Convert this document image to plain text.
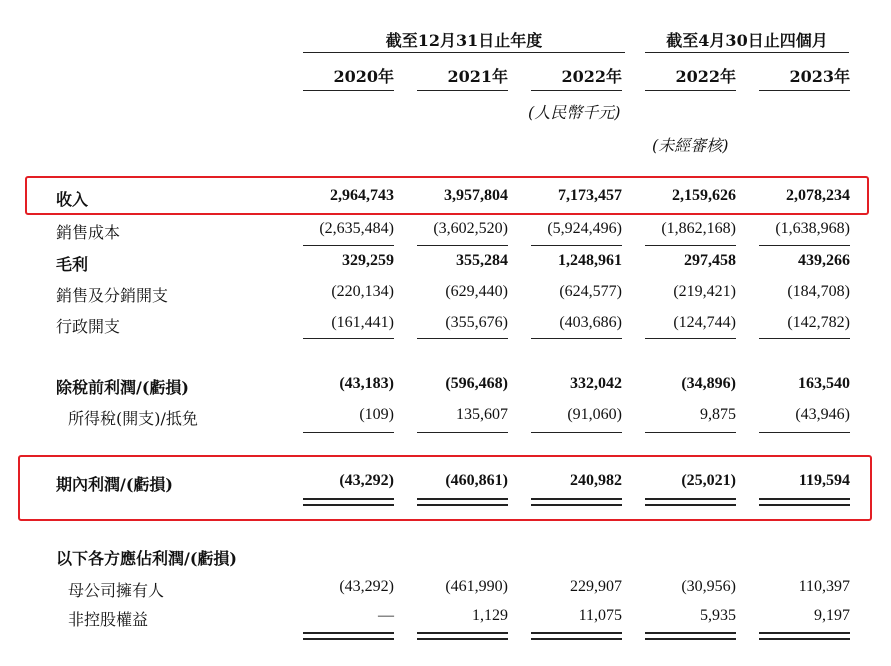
截至12月31日止年度	截至4月30日止四個月
2020年	2021年	2022年	2022年	2023年
(人民幣千元)
(未經審核)
收入	2,964,743	3,957,804	7,173,457	2,159,626	2,078,234
銷售成本	(2,635,484)	(3,602,520)	(5,924,496)	(1,862,168)	(1,638,968)
毛利	329,259	355,284	1,248,961	297,458	439,266
銷售及分銷開支	(220,134)	(629,440)	(624,577)	(219,421)	(184,708)
行政開支	(161,441)	(355,676)	(403,686)	(124,744)	(142,782)
除稅前利潤/(虧損)	(43,183)	(596,468)	332,042	(34,896)	163,540
所得稅(開支)/抵免	(109)	135,607	(91,060)	9,875	(43,946)
期內利潤/(虧損)	(43,292)	(460,861)	240,982	(25,021)	119,594
以下各方應佔利潤/(虧損)
母公司擁有人	(43,292)	(461,990)	229,907	(30,956)	110,397
非控股權益	—	1,129	11,075	5,935	9,197
